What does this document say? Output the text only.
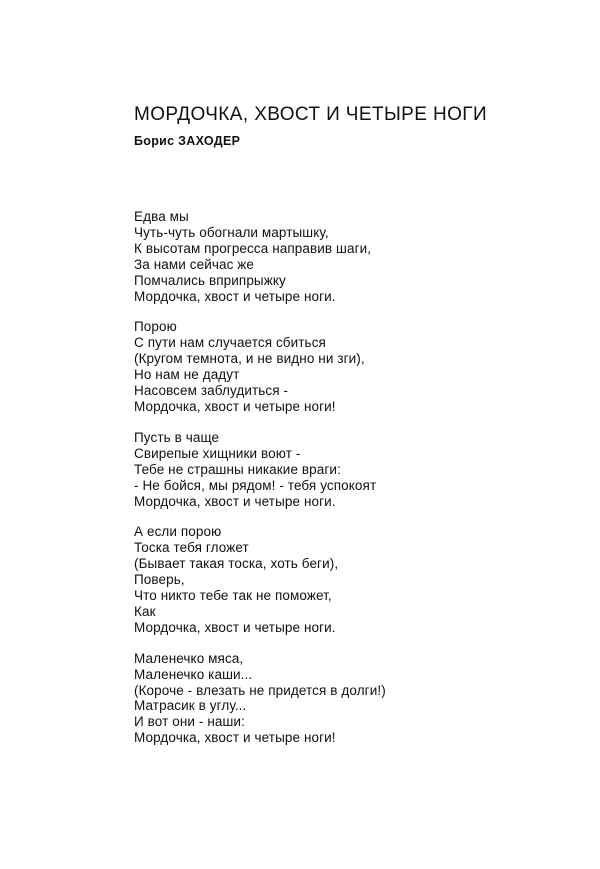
МОРДОЧКА, ХВОСТ И ЧЕТЫРЕ НОГИ
Борис ЗАХОДЕР
Едва мы
Чуть-чуть обогнали мартышку,
К высотам прогресса направив шаги,
За нами сейчас же
Помчались вприпрыжку
Мордочка, хвост и четыре ноги.
Порою
С пути нам случается сбиться
(Кругом темнота, и не видно ни зги),
Но нам не дадут
Насовсем заблудиться -
Мордочка, хвост и четыре ноги!
Пусть в чаще
Свирепые хищники воют -
Тебе не страшны никакие враги:
- Не бойся, мы рядом! - тебя успокоят
Мордочка, хвост и четыре ноги.
А если порою
Тоска тебя гложет
(Бывает такая тоска, хоть беги),
Поверь,
Что никто тебе так не поможет,
Как
Мордочка, хвост и четыре ноги.
Маленечко мяса,
Маленечко каши...
(Короче - влезать не придется в долги!)
Матрасик в углу...
И вот они - наши:
Мордочка, хвост и четыре ноги!
